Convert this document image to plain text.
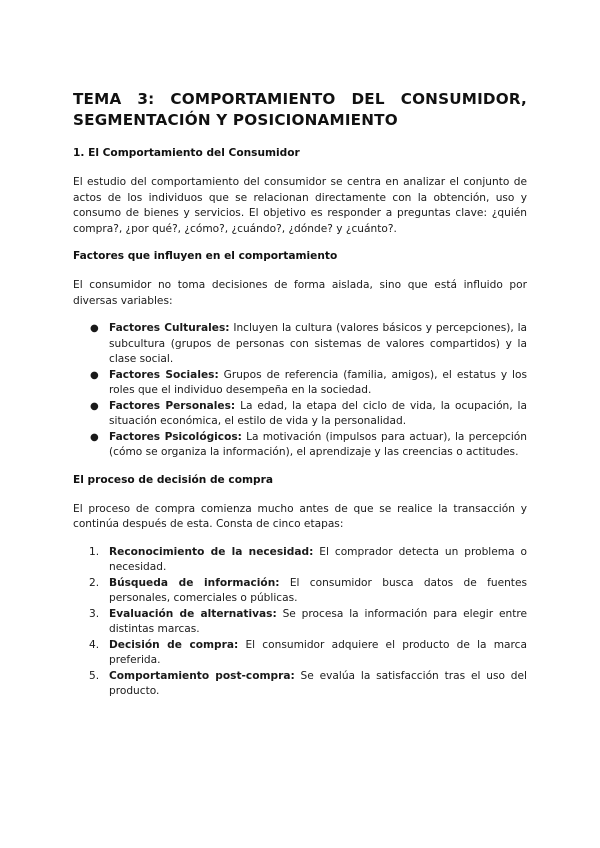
TEMA 3: COMPORTAMIENTO DEL CONSUMIDOR, SEGMENTACIÓN Y POSICIONAMIENTO
1. El Comportamiento del Consumidor

El estudio del comportamiento del consumidor se centra en analizar el conjunto de actos de los individuos que se relacionan directamente con la obtención, uso y consumo de bienes y servicios. El objetivo es responder a preguntas clave: ¿quién compra?, ¿por qué?, ¿cómo?, ¿cuándo?, ¿dónde? y ¿cuánto?.

Factores que influyen en el comportamiento

El consumidor no toma decisiones de forma aislada, sino que está influido por diversas variables:

● Factores Culturales: Incluyen la cultura (valores básicos y percepciones), la subcultura (grupos de personas con sistemas de valores compartidos) y la clase social.
● Factores Sociales: Grupos de referencia (familia, amigos), el estatus y los roles que el individuo desempeña en la sociedad.
● Factores Personales: La edad, la etapa del ciclo de vida, la ocupación, la situación económica, el estilo de vida y la personalidad.
● Factores Psicológicos: La motivación (impulsos para actuar), la percepción (cómo se organiza la información), el aprendizaje y las creencias o actitudes.
El proceso de decisión de compra

El proceso de compra comienza mucho antes de que se realice la transacción y continúa después de esta. Consta de cinco etapas:

1. Reconocimiento de la necesidad: El comprador detecta un problema o necesidad.
2. Búsqueda de información: El consumidor busca datos de fuentes personales, comerciales o públicas.
3. Evaluación de alternativas: Se procesa la información para elegir entre distintas marcas.
4. Decisión de compra: El consumidor adquiere el producto de la marca preferida.
5. Comportamiento post-compra: Se evalúa la satisfacción tras el uso del producto.
